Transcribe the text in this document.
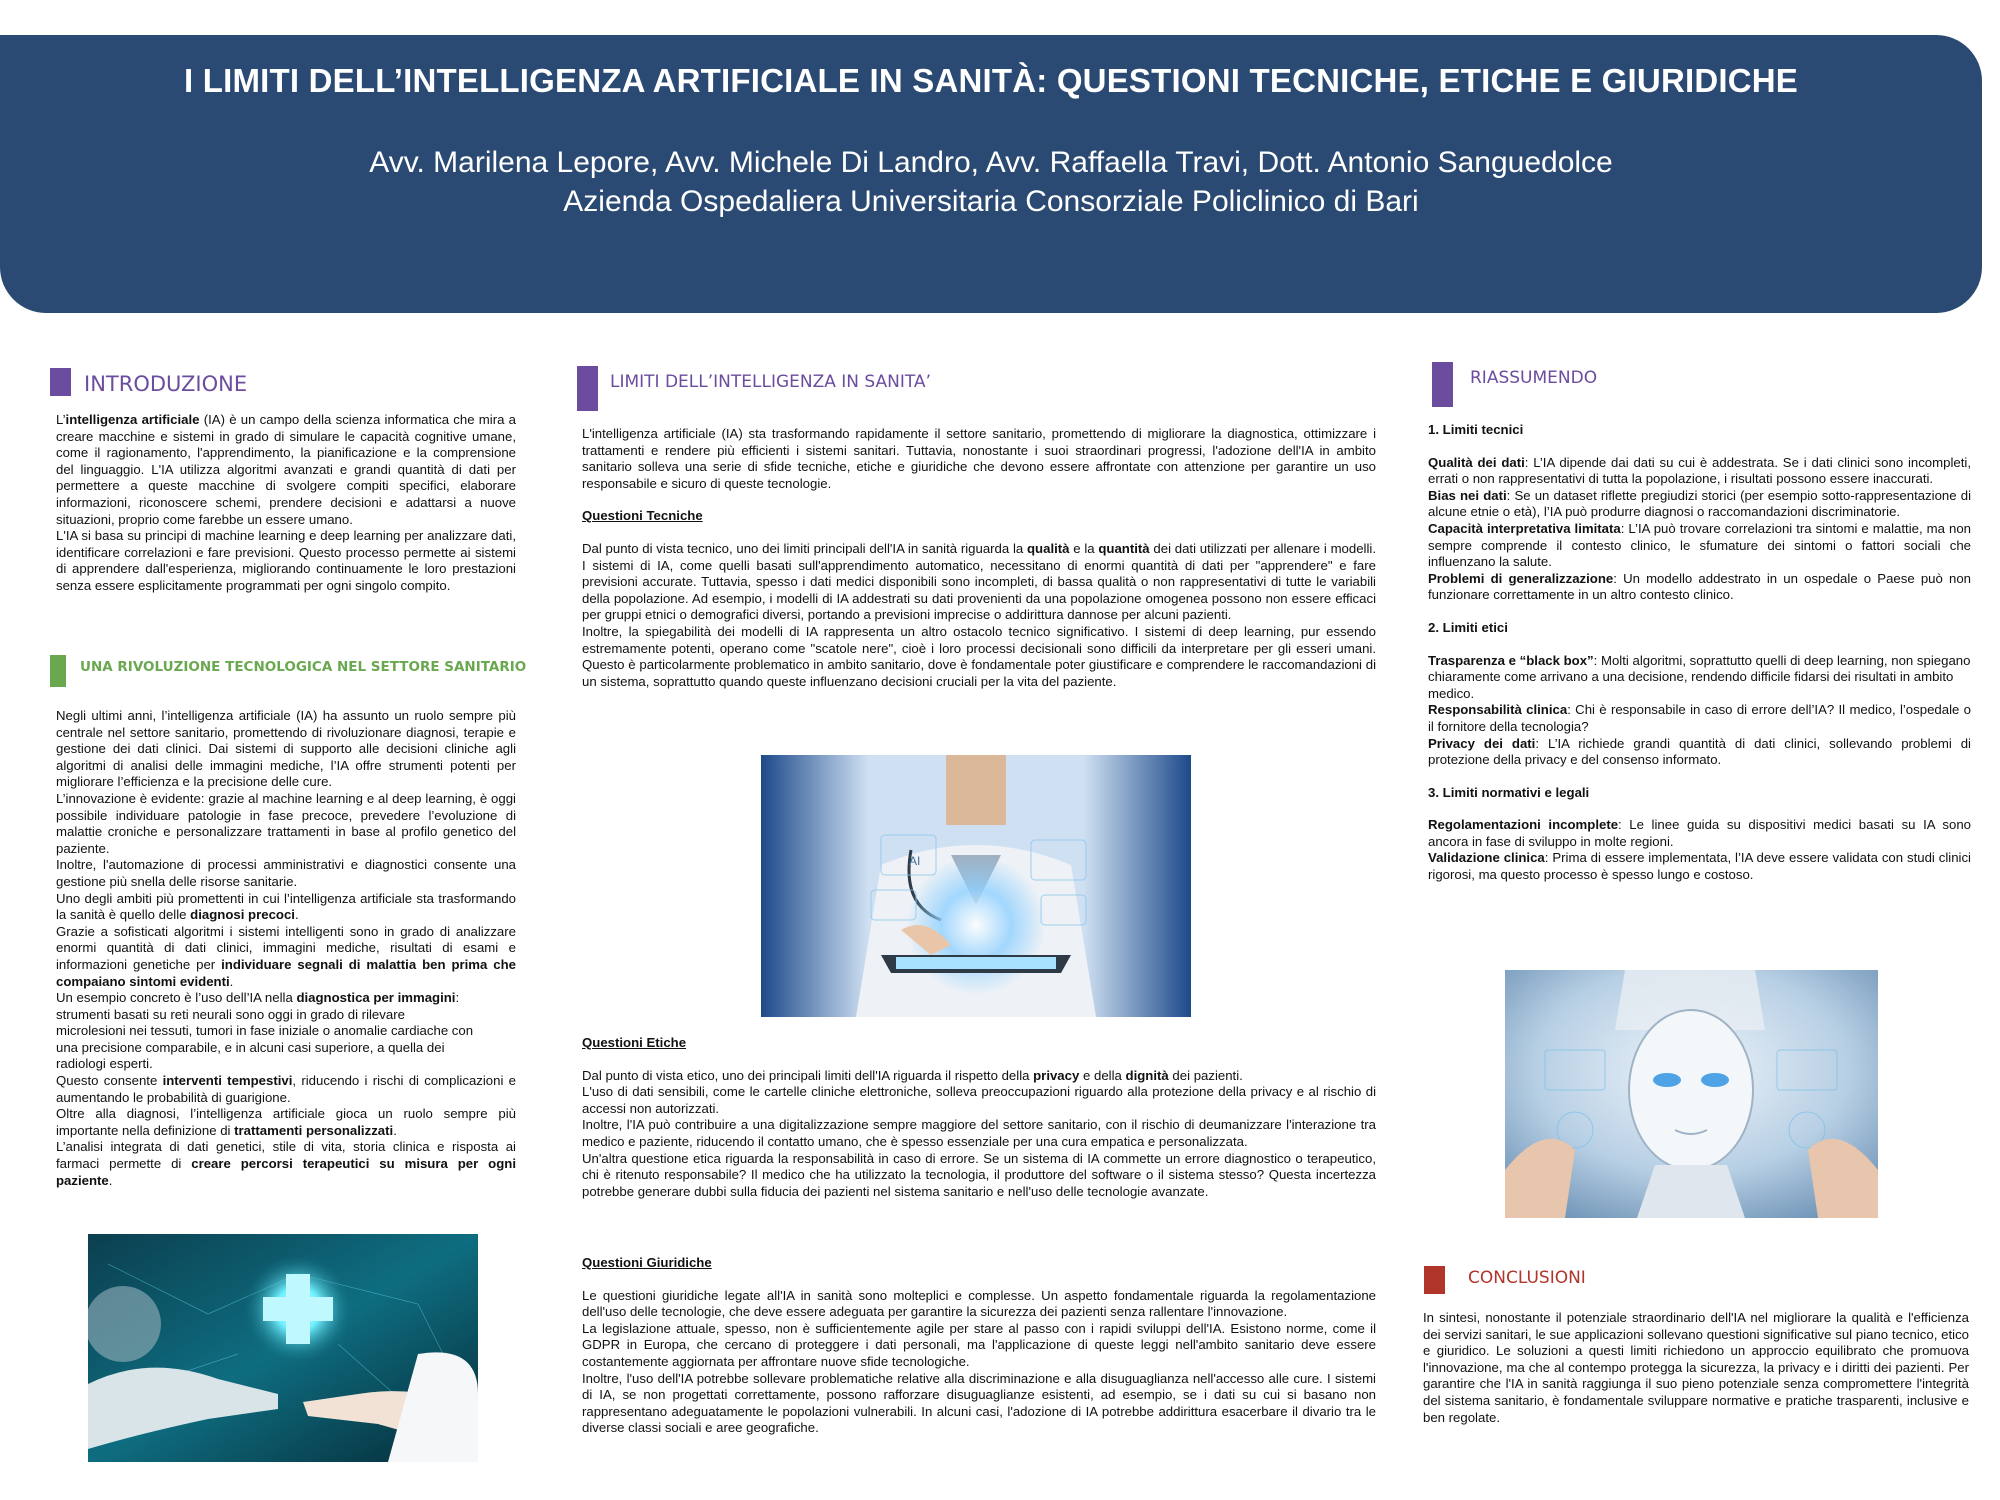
I LIMITI DELL’INTELLIGENZA ARTIFICIALE IN SANITÀ: QUESTIONI TECNICHE, ETICHE E GIURIDICHE
Avv. Marilena Lepore, Avv. Michele Di Landro, Avv. Raffaella Travi, Dott. Antonio Sanguedolce
Azienda Ospedaliera Universitaria Consorziale Policlinico di Bari
INTRODUZIONE

L’intelligenza artificiale (IA) è un campo della scienza informatica che mira a creare macchine e sistemi in grado di simulare le capacità cognitive umane, come il ragionamento, l'apprendimento, la pianificazione e la comprensione del linguaggio. L'IA utilizza algoritmi avanzati e grandi quantità di dati per permettere a queste macchine di svolgere compiti specifici, elaborare informazioni, riconoscere schemi, prendere decisioni e adattarsi a nuove situazioni, proprio come farebbe un essere umano.

L'IA si basa su principi di machine learning e deep learning per analizzare dati, identificare correlazioni e fare previsioni. Questo processo permette ai sistemi di apprendere dall'esperienza, migliorando continuamente le loro prestazioni senza essere esplicitamente programmati per ogni singolo compito.

UNA RIVOLUZIONE TECNOLOGICA NEL SETTORE SANITARIO

Negli ultimi anni, l’intelligenza artificiale (IA) ha assunto un ruolo sempre più centrale nel settore sanitario, promettendo di rivoluzionare diagnosi, terapie e gestione dei dati clinici. Dai sistemi di supporto alle decisioni cliniche agli algoritmi di analisi delle immagini mediche, l’IA offre strumenti potenti per migliorare l’efficienza e la precisione delle cure.

L’innovazione è evidente: grazie al machine learning e al deep learning, è oggi possibile individuare patologie in fase precoce, prevedere l’evoluzione di malattie croniche e personalizzare trattamenti in base al profilo genetico del paziente.

Inoltre, l'automazione di processi amministrativi e diagnostici consente una gestione più snella delle risorse sanitarie.

Uno degli ambiti più promettenti in cui l’intelligenza artificiale sta trasformando la sanità è quello delle diagnosi precoci.

Grazie a sofisticati algoritmi i sistemi intelligenti sono in grado di analizzare enormi quantità di dati clinici, immagini mediche, risultati di esami e informazioni genetiche per individuare segnali di malattia ben prima che compaiano sintomi evidenti.

Un esempio concreto è l’uso dell’IA nella diagnostica per immagini:

strumenti basati su reti neurali sono oggi in grado di rilevare microlesioni nei tessuti, tumori in fase iniziale o anomalie cardiache con una precisione comparabile, e in alcuni casi superiore, a quella dei radiologi esperti.

Questo consente interventi tempestivi, riducendo i rischi di complicazioni e aumentando le probabilità di guarigione.

Oltre alla diagnosi, l’intelligenza artificiale gioca un ruolo sempre più importante nella definizione di trattamenti personalizzati.

L’analisi integrata di dati genetici, stile di vita, storia clinica e risposta ai farmaci permette di creare percorsi terapeutici su misura per ogni paziente.

LIMITI DELL’INTELLIGENZA IN SANITA’

L'intelligenza artificiale (IA) sta trasformando rapidamente il settore sanitario, promettendo di migliorare la diagnostica, ottimizzare i trattamenti e rendere più efficienti i sistemi sanitari. Tuttavia, nonostante i suoi straordinari progressi, l'adozione dell'IA in ambito sanitario solleva una serie di sfide tecniche, etiche e giuridiche che devono essere affrontate con attenzione per garantire un uso responsabile e sicuro di queste tecnologie.

Questioni Tecniche

Dal punto di vista tecnico, uno dei limiti principali dell'IA in sanità riguarda la qualità e la quantità dei dati utilizzati per allenare i modelli. I sistemi di IA, come quelli basati sull'apprendimento automatico, necessitano di enormi quantità di dati per "apprendere" e fare previsioni accurate. Tuttavia, spesso i dati medici disponibili sono incompleti, di bassa qualità o non rappresentativi di tutte le variabili della popolazione. Ad esempio, i modelli di IA addestrati su dati provenienti da una popolazione omogenea possono non essere efficaci per gruppi etnici o demografici diversi, portando a previsioni imprecise o addirittura dannose per alcuni pazienti.

Inoltre, la spiegabilità dei modelli di IA rappresenta un altro ostacolo tecnico significativo. I sistemi di deep learning, pur essendo estremamente potenti, operano come "scatole nere", cioè i loro processi decisionali sono difficili da interpretare per gli esseri umani. Questo è particolarmente problematico in ambito sanitario, dove è fondamentale poter giustificare e comprendere le raccomandazioni di un sistema, soprattutto quando queste influenzano decisioni cruciali per la vita del paziente.

AI

Questioni Etiche

Dal punto di vista etico, uno dei principali limiti dell'IA riguarda il rispetto della privacy e della dignità dei pazienti.

L'uso di dati sensibili, come le cartelle cliniche elettroniche, solleva preoccupazioni riguardo alla protezione della privacy e al rischio di accessi non autorizzati.

Inoltre, l'IA può contribuire a una digitalizzazione sempre maggiore del settore sanitario, con il rischio di deumanizzare l'interazione tra medico e paziente, riducendo il contatto umano, che è spesso essenziale per una cura empatica e personalizzata.

Un'altra questione etica riguarda la responsabilità in caso di errore. Se un sistema di IA commette un errore diagnostico o terapeutico, chi è ritenuto responsabile? Il medico che ha utilizzato la tecnologia, il produttore del software o il sistema stesso? Questa incertezza potrebbe generare dubbi sulla fiducia dei pazienti nel sistema sanitario e nell'uso delle tecnologie avanzate.

Questioni Giuridiche

Le questioni giuridiche legate all'IA in sanità sono molteplici e complesse. Un aspetto fondamentale riguarda la regolamentazione dell'uso delle tecnologie, che deve essere adeguata per garantire la sicurezza dei pazienti senza rallentare l'innovazione.

La legislazione attuale, spesso, non è sufficientemente agile per stare al passo con i rapidi sviluppi dell'IA. Esistono norme, come il GDPR in Europa, che cercano di proteggere i dati personali, ma l'applicazione di queste leggi nell'ambito sanitario deve essere costantemente aggiornata per affrontare nuove sfide tecnologiche.

Inoltre, l'uso dell'IA potrebbe sollevare problematiche relative alla discriminazione e alla disuguaglianza nell'accesso alle cure. I sistemi di IA, se non progettati correttamente, possono rafforzare disuguaglianze esistenti, ad esempio, se i dati su cui si basano non rappresentano adeguatamente le popolazioni vulnerabili. In alcuni casi, l'adozione di IA potrebbe addirittura esacerbare il divario tra le diverse classi sociali e aree geografiche.

RIASSUMENDO

1. Limiti tecnici

Qualità dei dati: L’IA dipende dai dati su cui è addestrata. Se i dati clinici sono incompleti, errati o non rappresentativi di tutta la popolazione, i risultati possono essere inaccurati.

Bias nei dati: Se un dataset riflette pregiudizi storici (per esempio sotto-rappresentazione di alcune etnie o età), l’IA può produrre diagnosi o raccomandazioni discriminatorie.

Capacità interpretativa limitata: L’IA può trovare correlazioni tra sintomi e malattie, ma non sempre comprende il contesto clinico, le sfumature dei sintomi o fattori sociali che influenzano la salute.

Problemi di generalizzazione: Un modello addestrato in un ospedale o Paese può non funzionare correttamente in un altro contesto clinico.

2. Limiti etici

Trasparenza e “black box”: Molti algoritmi, soprattutto quelli di deep learning, non spiegano chiaramente come arrivano a una decisione, rendendo difficile fidarsi dei risultati in ambito medico.

Responsabilità clinica: Chi è responsabile in caso di errore dell’IA? Il medico, l’ospedale o il fornitore della tecnologia?

Privacy dei dati: L’IA richiede grandi quantità di dati clinici, sollevando problemi di protezione della privacy e del consenso informato.

3. Limiti normativi e legali

Regolamentazioni incomplete: Le linee guida su dispositivi medici basati su IA sono ancora in fase di sviluppo in molte regioni.

Validazione clinica: Prima di essere implementata, l’IA deve essere validata con studi clinici rigorosi, ma questo processo è spesso lungo e costoso.

CONCLUSIONI

In sintesi, nonostante il potenziale straordinario dell'IA nel migliorare la qualità e l'efficienza dei servizi sanitari, le sue applicazioni sollevano questioni significative sul piano tecnico, etico e giuridico. Le soluzioni a questi limiti richiedono un approccio equilibrato che promuova l'innovazione, ma che al contempo protegga la sicurezza, la privacy e i diritti dei pazienti. Per garantire che l'IA in sanità raggiunga il suo pieno potenziale senza compromettere l'integrità del sistema sanitario, è fondamentale sviluppare normative e pratiche trasparenti, inclusive e ben regolate.
